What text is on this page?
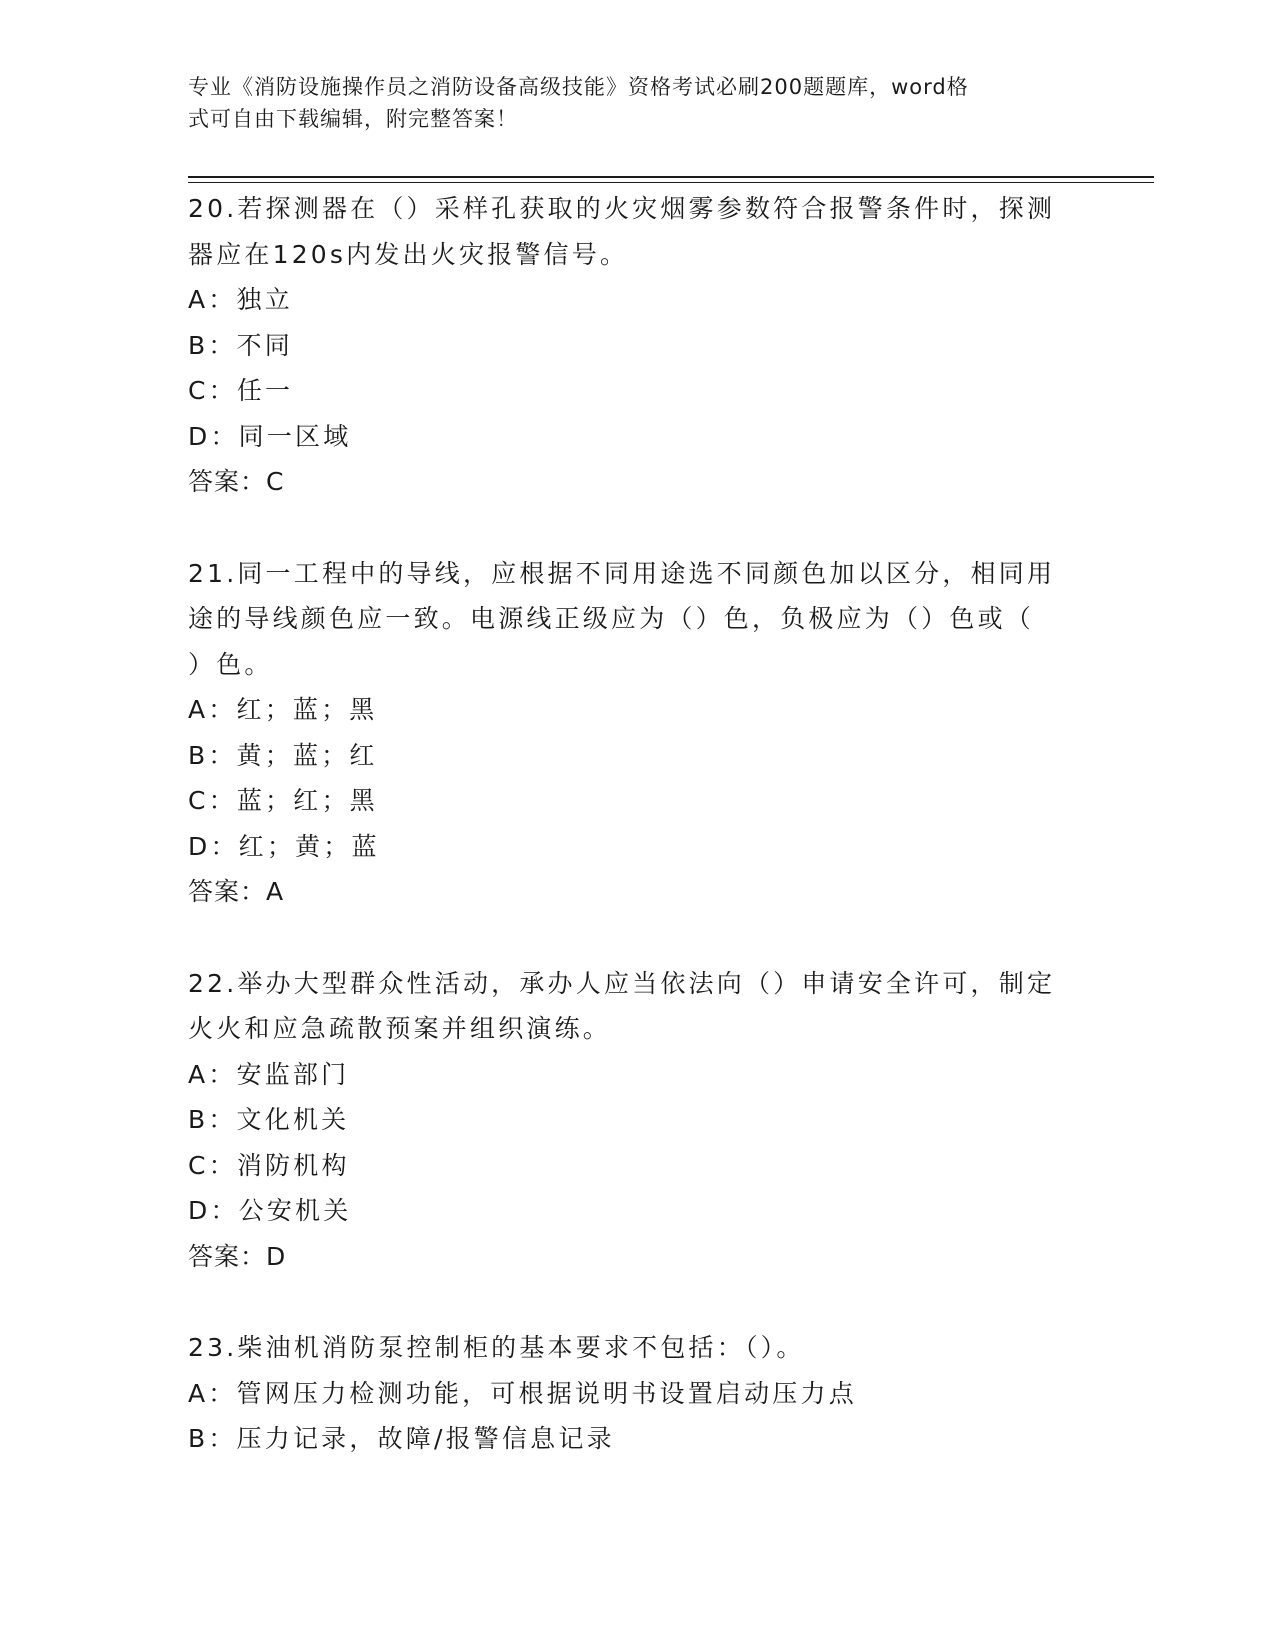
专业《消防设施操作员之消防设备高级技能》资格考试必刷200题题库，word格
式可自由下载编辑，附完整答案！
20.若探测器在（）采样孔获取的火灾烟雾参数符合报警条件时，探测
器应在120s内发出火灾报警信号。
A：独立
B：不同
C：任一
D：同一区域
答案：C
21.同一工程中的导线，应根据不同用途选不同颜色加以区分，相同用
途的导线颜色应一致。电源线正级应为（）色，负极应为（）色或（
）色。
A：红；蓝；黑
B：黄；蓝；红
C：蓝；红；黑
D：红；黄；蓝
答案：A
22.举办大型群众性活动，承办人应当依法向（）申请安全许可，制定
火火和应急疏散预案并组织演练。
A：安监部门
B：文化机关
C：消防机构
D：公安机关
答案：D
23.柴油机消防泵控制柜的基本要求不包括：（）。
A：管网压力检测功能，可根据说明书设置启动压力点
B：压力记录，故障/报警信息记录
